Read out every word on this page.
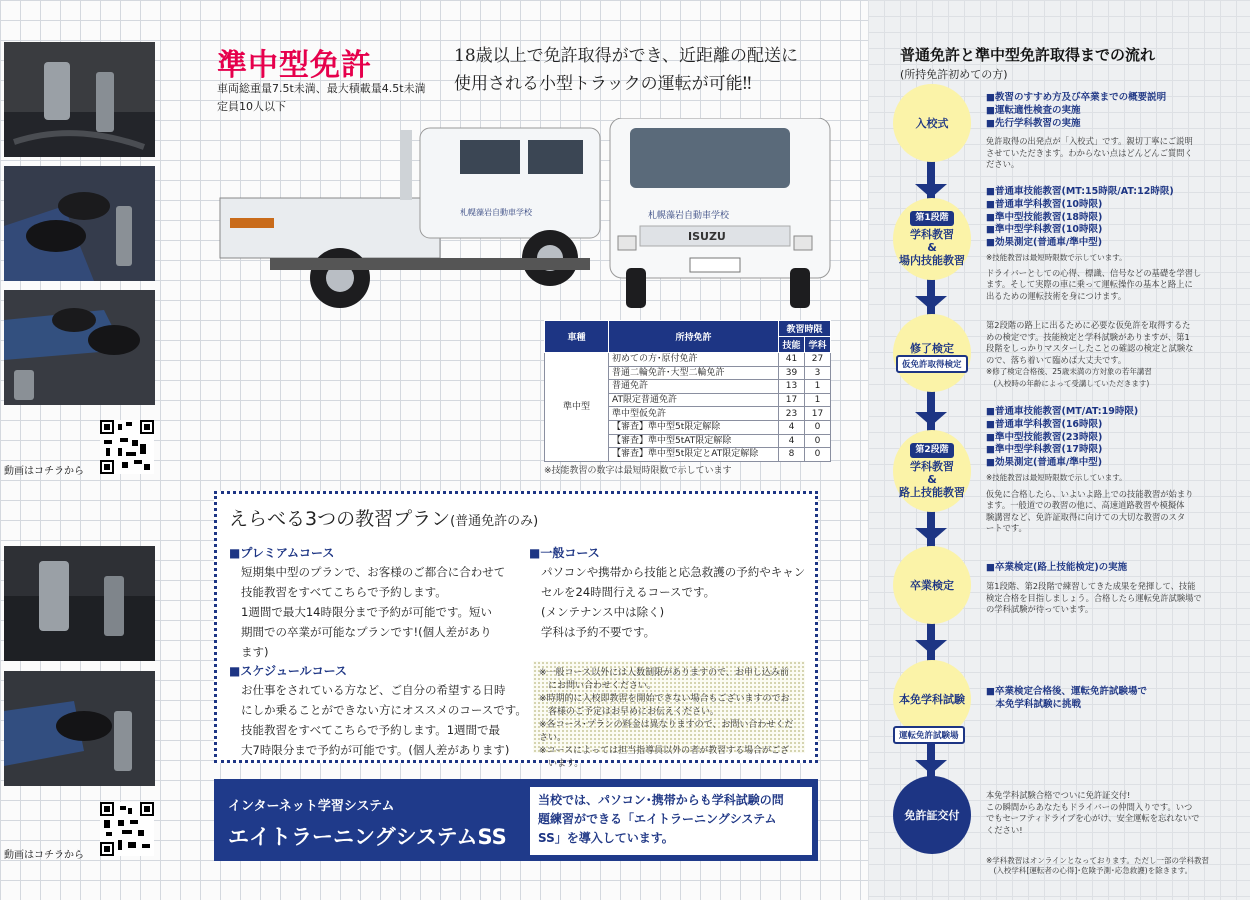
動画はコチラから
動画はコチラから
準中型免許
車両総重量7.5t未満、最大積載量4.5t未満
定員10人以下
18歳以上で免許取得ができ、近距離の配送に
使用される小型トラックの運転が可能‼
札幌藻岩自動車学校	札幌藻岩自動車学校
ISUZU
車種	所持免許	教習時限	
		技能	学科
準中型	初めての方･原付免許	41	27
	普通二輪免許･大型二輪免許	39	3
	普通免許	13	1
	AT限定普通免許	17	1
	準中型仮免許	23	17
	【審査】準中型5t限定解除	4	0
	【審査】準中型5tAT限定解除	4	0
	【審査】準中型5t限定とAT限定解除	8	0
※技能教習の数字は最短時限数で示しています
えらべる3つの教習プラン(普通免許のみ)
■プレミアムコース
短期集中型のプランで、お客様のご都合に合わせて
技能教習をすべてこちらで予約します。
1週間で最大14時限分まで予約が可能です。短い
期間での卒業が可能なプランです!(個人差があり
ます)
■スケジュールコース
お仕事をされている方など、ご自分の希望する日時
にしか乗ることができない方にオススメのコースです。
技能教習をすべてこちらで予約します。1週間で最
大7時限分まで予約が可能です。(個人差があります)
■一般コース
パソコンや携帯から技能と応急救護の予約やキャン
セルを24時間行えるコースです。
(メンテナンス中は除く)
学科は予約不要です。
※一般コース以外には人数制限がありますので、お申し込み前
　にお問い合わせください。
※時期的に入校即教習を開始できない場合もございますのでお
　客様のご予定はお早めにお伝えください。
※各コース･プランの料金は異なりますので、お問い合わせください。
※コースによっては担当指導員以外の者が教習する場合がござ
　います。
インターネット学習システム
エイトラーニングシステムSS
当校では、パソコン･携帯からも学科試験の問
題練習ができる「エイトラーニングシステム
SS」を導入しています。
普通免許と準中型免許取得までの流れ
(所持免許初めての方)
入校式
■教習のすすめ方及び卒業までの概要説明
■運転適性検査の実施
■先行学科教習の実施
免許取得の出発点が「入校式」です。親切丁寧にご説明
させていただきます。わからない点はどんどんご質問く
ださい。
第1段階
学科教習
&
場内技能教習
■普通車技能教習(MT:15時限/AT:12時限)
■普通車学科教習(10時限)
■準中型技能教習(18時限)
■準中型学科教習(10時限)
■効果測定(普通車/準中型)
※技能教習は最短時限数で示しています。
ドライバーとしての心得、標識、信号などの基礎を学習し
ます。そして実際の車に乗って運転操作の基本と路上に
出るための運転技術を身につけます。
修了検定
仮免許取得検定
第2段階の路上に出るために必要な仮免許を取得するた
めの検定です。技能検定と学科試験がありますが、第1
段階をしっかりマスターしたことの確認の検定と試験な
ので、落ち着いて臨めば大丈夫です。
※修了検定合格後、25歳未満の方対象の若年講習
　(入校時の年齢によって受講していただきます)
第2段階
学科教習
&
路上技能教習
■普通車技能教習(MT/AT:19時限)
■普通車学科教習(16時限)
■準中型技能教習(23時限)
■準中型学科教習(17時限)
■効果測定(普通車/準中型)
※技能教習は最短時限数で示しています。
仮免に合格したら、いよいよ路上での技能教習が始まり
ます。一般道での教習の他に、高速道路教習や模擬体
験講習など、免許証取得に向けての大切な教習のスタ
ートです。
卒業検定
■卒業検定(路上技能検定)の実施
第1段階、第2段階で練習してきた成果を発揮して、技能
検定合格を目指しましょう。合格したら運転免許試験場で
の学科試験が待っています。
本免学科試験
運転免許試験場
■卒業検定合格後、運転免許試験場で
　本免学科試験に挑戦
免許証交付
本免学科試験合格でついに免許証交付!
この瞬間からあなたもドライバーの仲間入りです。いつ
でもセーフティドライブを心がけ、安全運転を忘れないで
ください!
※学科教習はオンラインとなっております。ただし一部の学科教習
　(入校学科[運転者の心得]･危険予測･応急救護)を除きます。
